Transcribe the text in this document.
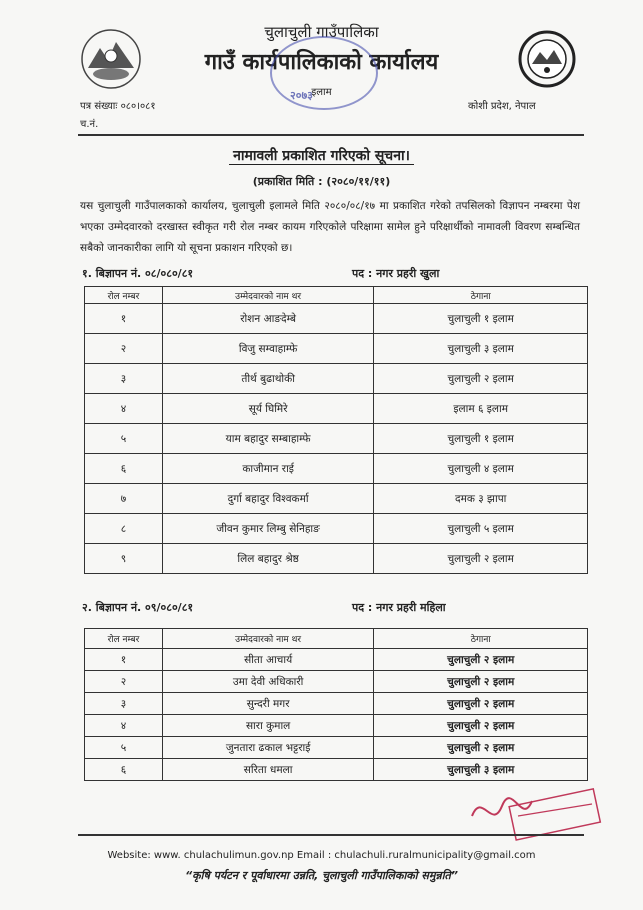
चुलाचुली गाउँपालिका
गाउँ कार्यपालिकाको कार्यालय
इलाम
२०७३
पत्र संख्याः ०८०।०८१
च.नं.
कोशी प्रदेश, नेपाल
नामावली प्रकाशित गरिएको सूचना।
(प्रकाशित मिति : (२०८०/११/११)
यस चुलाचुली गाउँपालकाको कार्यालय, चुलाचुली इलामले मिति २०८०/०८/१७ मा प्रकाशित गरेको तपसिलको विज्ञापन नम्बरमा पेश भएका उम्मेदवारको दरखास्त स्वीकृत गरी रोल नम्बर कायम गरिएकोले परिक्षामा सामेल हुने परिक्षार्थीको नामावली विवरण सम्बन्धित सबैको जानकारीका लागि यो सूचना प्रकाशन गरिएको छ।
१. बिज्ञापन नं. ०८/०८०/८१	पद : नगर प्रहरी खुला
रोल नम्बर	उम्मेदवारको नाम थर	ठेगाना
१	रोशन आङदेम्बे	चुलाचुली १ इलाम
२	विजु सम्वाहाम्फे	चुलाचुली ३ इलाम
३	तीर्थ बुढाथोकी	चुलाचुली २ इलाम
४	सूर्य घिमिरे	इलाम ६ इलाम
५	याम बहादुर सम्बाहाम्फे	चुलाचुली १ इलाम
६	काजीमान राई	चुलाचुली ४ इलाम
७	दुर्गा बहादुर विश्वकर्मा	दमक ३ झापा
८	जीवन कुमार लिम्बु सेनिहाङ	चुलाचुली ५ इलाम
९	लिल बहादुर श्रेष्ठ	चुलाचुली २ इलाम
२. बिज्ञापन नं. ०९/०८०/८१	पद : नगर प्रहरी महिला
रोल नम्बर	उम्मेदवारको नाम थर	ठेगाना
१	सीता आचार्य	चुलाचुली २ इलाम
२	उमा देवी अधिकारी	चुलाचुली २ इलाम
३	सुन्दरी मगर	चुलाचुली २ इलाम
४	सारा कुमाल	चुलाचुली २ इलाम
५	जुनतारा ढकाल भट्टराई	चुलाचुली २ इलाम
६	सरिता धमला	चुलाचुली ३ इलाम
Website: www. chulachulimun.gov.np Email : chulachuli.ruralmunicipality@gmail.com
“कृषि पर्यटन र पूर्वाधारमा उन्नति, चुलाचुली गाउँपालिकाको समुन्नति”
